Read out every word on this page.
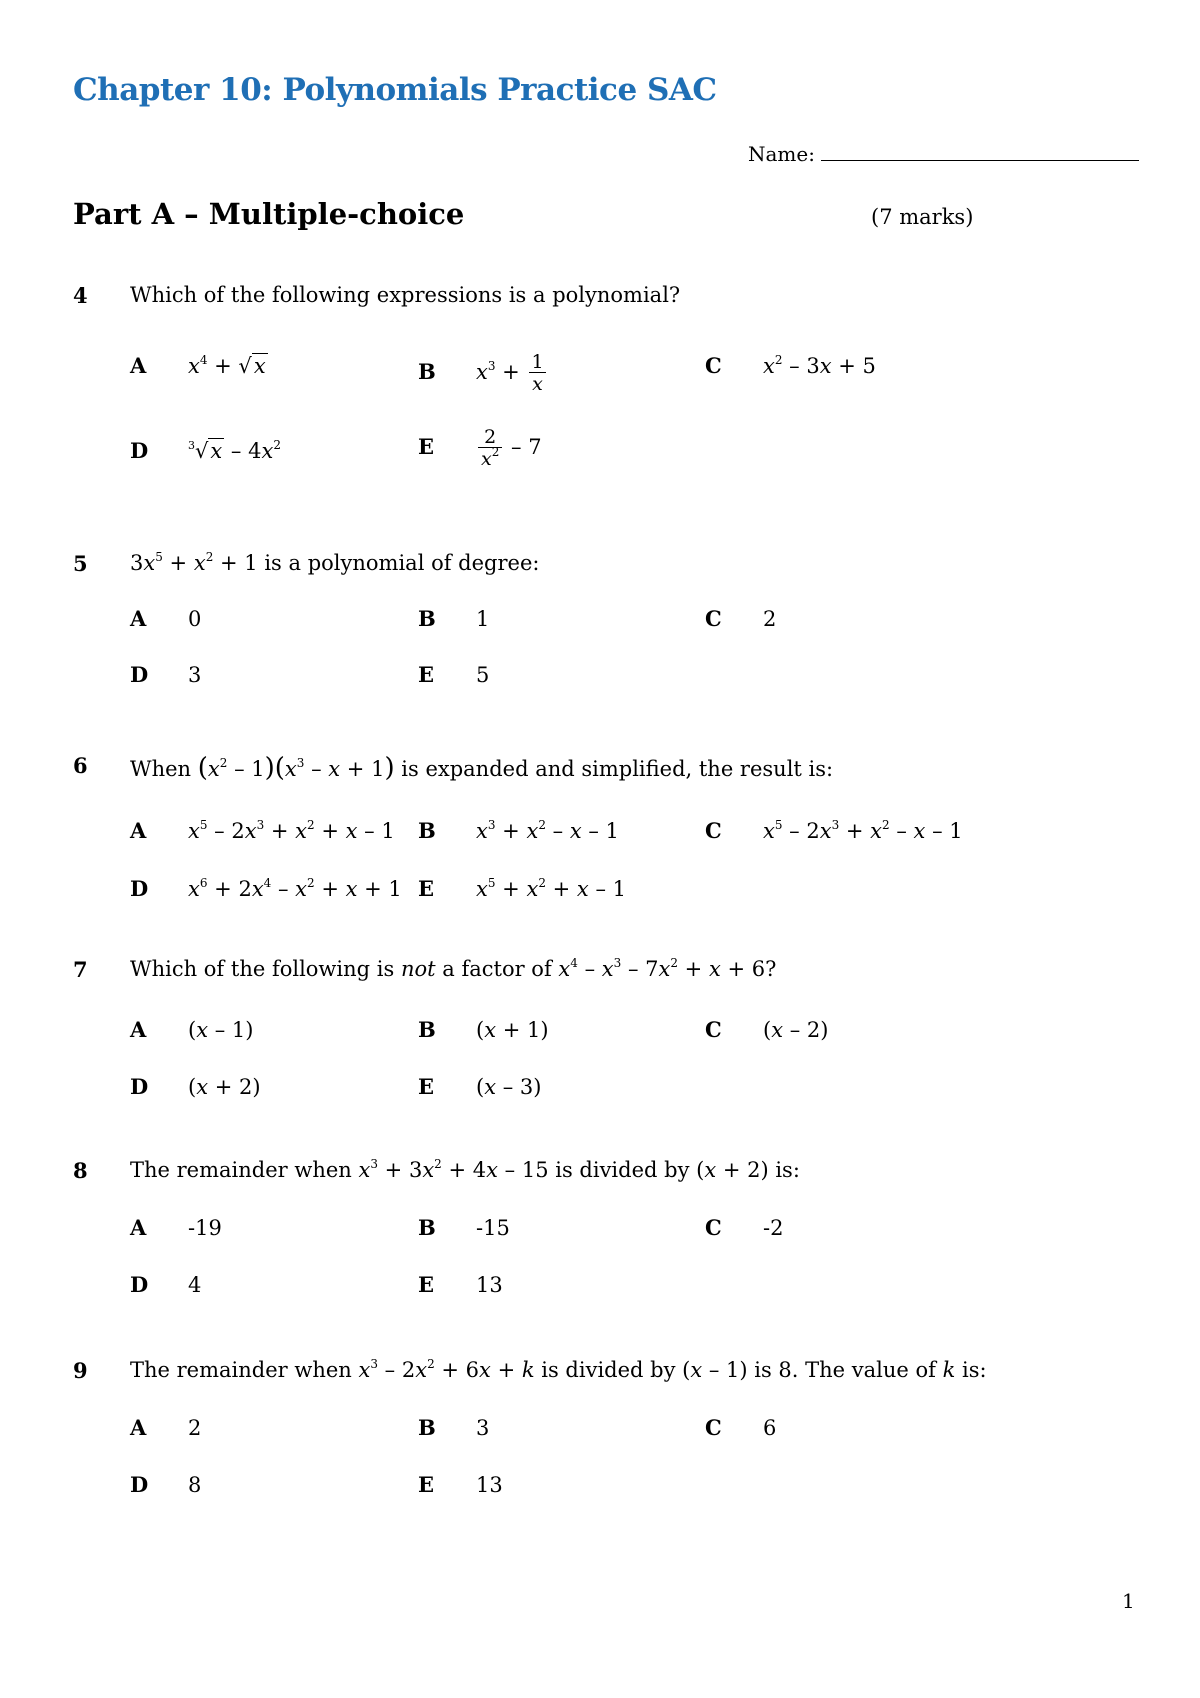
Chapter 10: Polynomials Practice SAC
Name:
Part A – Multiple-choice	(7 marks)
4 Which of the following expressions is a polynomial?
A $x^4 + √x$	B $x^3 + \frac{1}{x}$	C $x^2 - 3x + 5$
D	$^3√x - 4x^2$	E $\frac{2}{x^2} - 7$
5 $3x^5 + x^2 + 1$ is a polynomial of degree:
A 0	B 1	C 2
D 3	E 5
6 When $(x^2 - 1)(x^3 - x + 1)$ is expanded and simplified, the result is:
A $x^5 - 2x^3 + x^2 + x - 1$ B $x^3 + x^2 - x - 1$	C $x^5 - 2x^3 + x^2 - x - 1$
D $x^6 + 2x^4 - x^2 + x + 1$ E $x^5 + x^2 + x - 1$
7 Which of the following is not a factor of $x^4 - x^3 - 7x^2 + x + 6$?
A (x – 1)	B (x + 1)	C (x – 2)
D (x + 2)	E (x – 3)
8 The remainder when $x^3 + 3x^2 + 4x - 15$ is divided by (x + 2) is:
A -19	B -15	C -2
D 4	E 13
9 The remainder when $x^3 - 2x^2 + 6x + k$ is divided by (x – 1) is 8. The value of k is:
A 2	B 3	C 6
D 8	E 13
1
